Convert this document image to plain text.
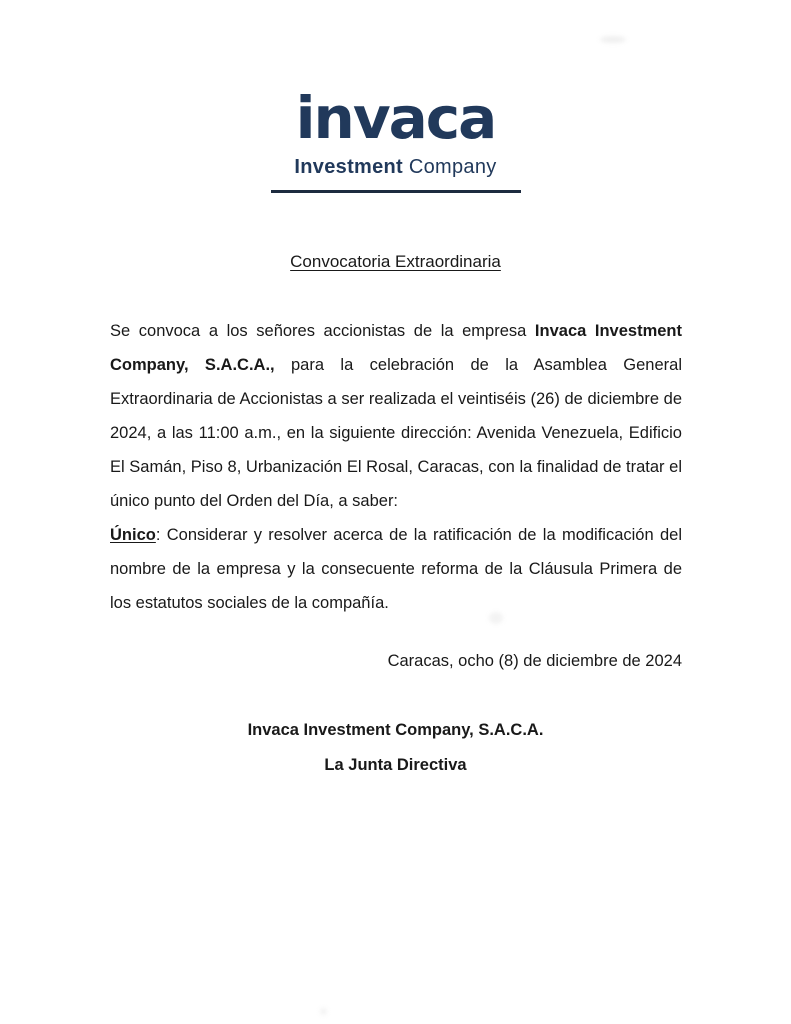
invaca
Investment Company
Convocatoria Extraordinaria

Se convoca a los señores accionistas de la empresa Invaca Investment Company, S.A.C.A., para la celebración de la Asamblea General Extraordinaria de Accionistas a ser realizada el veintiséis (26) de diciembre de 2024, a las 11:00 a.m., en la siguiente dirección: Avenida Venezuela, Edificio El Samán, Piso 8, Urbanización El Rosal, Caracas, con la finalidad de tratar el único punto del Orden del Día, a saber:

Único: Considerar y resolver acerca de la ratificación de la modificación del nombre de la empresa y la consecuente reforma de la Cláusula Primera de los estatutos sociales de la compañía.

Caracas, ocho (8) de diciembre de 2024
Invaca Investment Company, S.A.C.A.
La Junta Directiva
